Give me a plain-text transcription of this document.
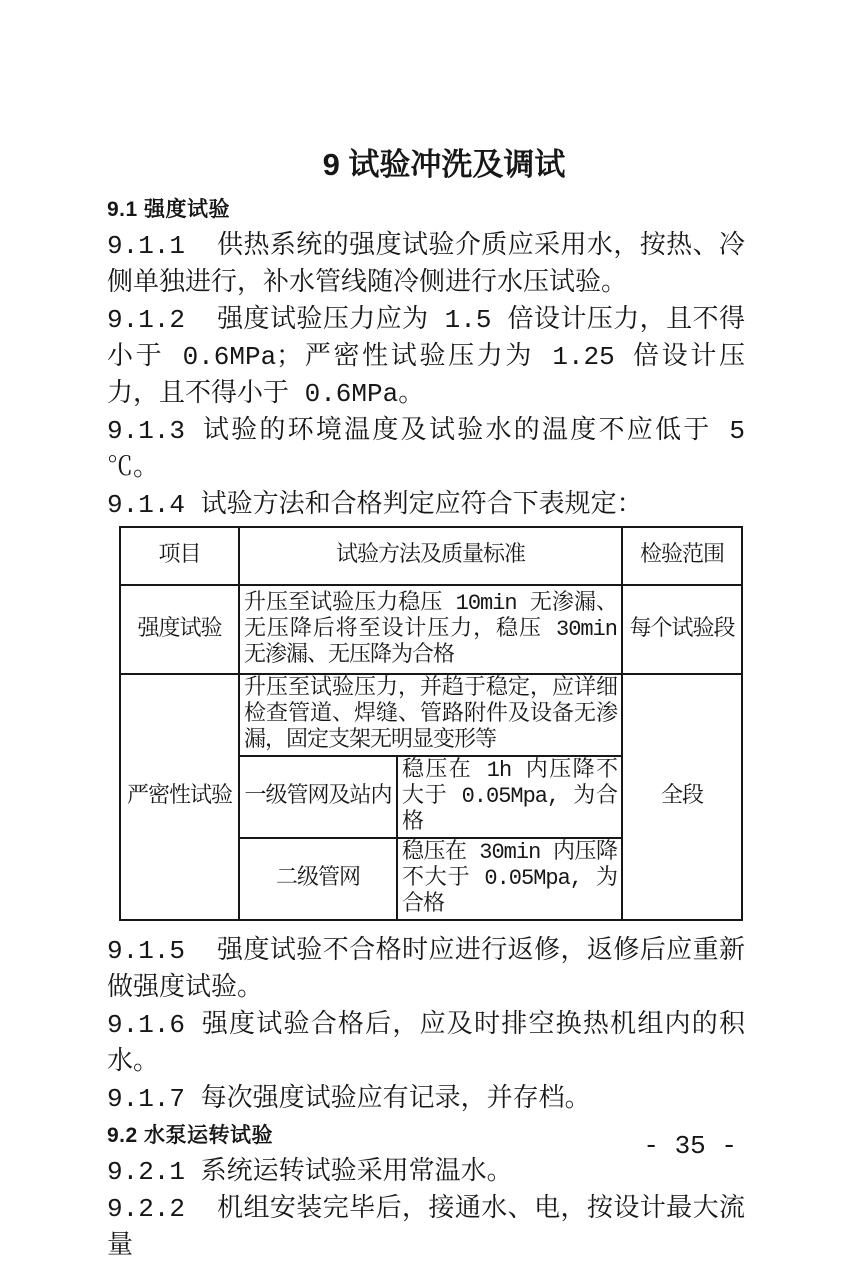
9 试验冲洗及调试
9.1 强度试验

9.1.1  供热系统的强度试验介质应采用水，按热、冷侧单独进行，补水管线随冷侧进行水压试验。

9.1.2  强度试验压力应为 1.5 倍设计压力，且不得小于 0.6MPa；严密性试验压力为 1.25 倍设计压力，且不得小于 0.6MPa。

9.1.3 试验的环境温度及试验水的温度不应低于 5 ℃。

9.1.4 试验方法和合格判定应符合下表规定：

项目	试验方法及质量标准		检验范围
强度试验	升压至试验压力稳压 10min 无渗漏、无压降后将至设计压力，稳压 30min 无渗漏、无压降为合格		每个试验段
严密性试验	升压至试验压力，并趋于稳定，应详细检查管道、焊缝、管路附件及设备无渗漏，固定支架无明显变形等		全段
	一级管网及站内	稳压在 1h 内压降不大于 0.05Mpa, 为合格	
	二级管网	稳压在 30min 内压降不大于 0.05Mpa, 为合格	

9.1.5  强度试验不合格时应进行返修，返修后应重新做强度试验。

9.1.6 强度试验合格后，应及时排空换热机组内的积水。

9.1.7 每次强度试验应有记录，并存档。

9.2 水泵运转试验

9.2.1 系统运转试验采用常温水。

9.2.2  机组安装完毕后，接通水、电，按设计最大流量

- 35 -
